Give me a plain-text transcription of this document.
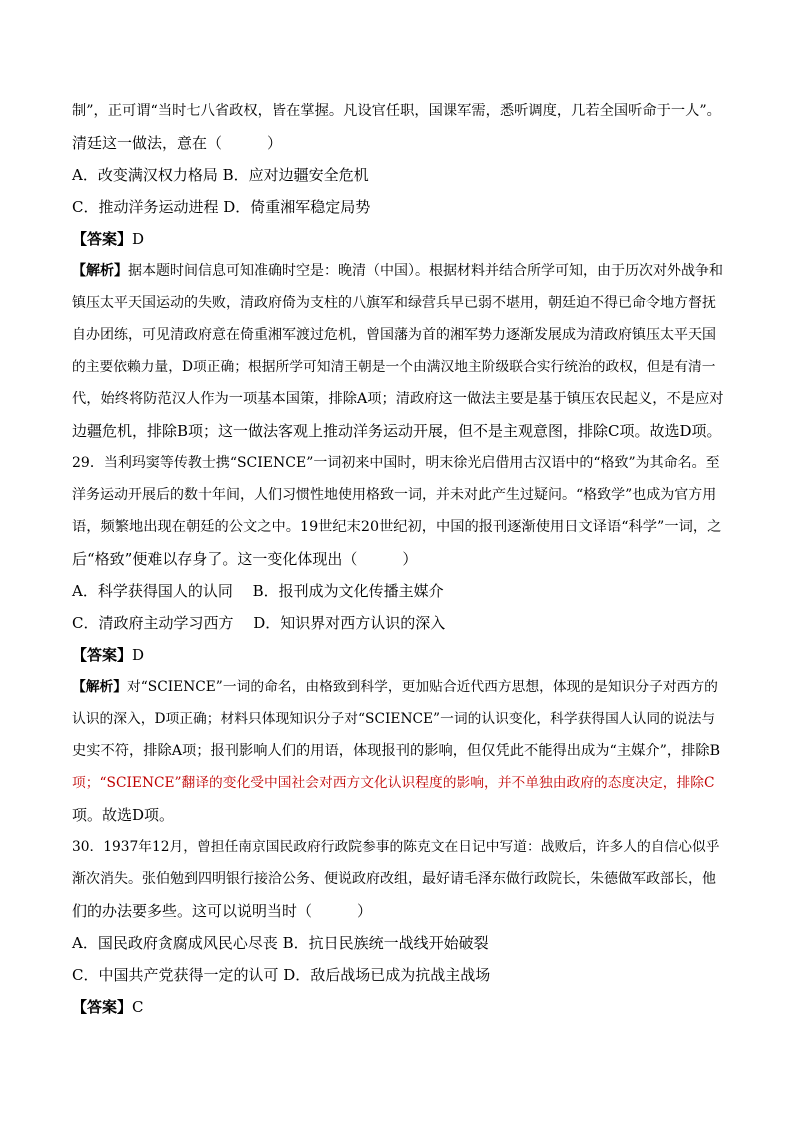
制”，正可谓“当时七八省政权，皆在掌握。凡设官任职，国课军需，悉听调度，几若全国听命于一人”。
清廷这一做法，意在（　　　）
A．改变满汉权力格局 B．应对边疆安全危机
C．推动洋务运动进程 D．倚重湘军稳定局势
【答案】D
【解析】据本题时间信息可知准确时空是：晚清（中国）。根据材料并结合所学可知，由于历次对外战争和
镇压太平天国运动的失败，清政府倚为支柱的八旗军和绿营兵早已弱不堪用，朝廷迫不得已命令地方督抚
自办团练，可见清政府意在倚重湘军渡过危机，曾国藩为首的湘军势力逐渐发展成为清政府镇压太平天国
的主要依赖力量，D项正确；根据所学可知清王朝是一个由满汉地主阶级联合实行统治的政权，但是有清一
代，始终将防范汉人作为一项基本国策，排除A项；清政府这一做法主要是基于镇压农民起义，不是应对
边疆危机，排除B项；这一做法客观上推动洋务运动开展，但不是主观意图，排除C项。故选D项。
29．当利玛窦等传教士携“SCIENCE”一词初来中国时，明末徐光启借用古汉语中的“格致”为其命名。至
洋务运动开展后的数十年间，人们习惯性地使用格致一词，并未对此产生过疑问。“格致学”也成为官方用
语，频繁地出现在朝廷的公文之中。19世纪末20世纪初，中国的报刊逐渐使用日文译语“科学”一词，之
后“格致”便难以存身了。这一变化体现出（　　　）
A．科学获得国人的认同　 B．报刊成为文化传播主媒介
C．清政府主动学习西方　 D．知识界对西方认识的深入
【答案】D
【解析】对“SCIENCE”一词的命名，由格致到科学，更加贴合近代西方思想，体现的是知识分子对西方的
认识的深入，D项正确；材料只体现知识分子对“SCIENCE”一词的认识变化，科学获得国人认同的说法与
史实不符，排除A项；报刊影响人们的用语，体现报刊的影响，但仅凭此不能得出成为“主媒介”，排除B
项；“SCIENCE”翻译的变化受中国社会对西方文化认识程度的影响，并不单独由政府的态度决定，排除C
项。故选D项。
30．1937年12月，曾担任南京国民政府行政院参事的陈克文在日记中写道：战败后，许多人的自信心似乎
渐次消失。张伯勉到四明银行接洽公务、便说政府改组，最好请毛泽东做行政院长，朱德做军政部长，他
们的办法要多些。这可以说明当时（　　　）
A．国民政府贪腐成风民心尽丧 B．抗日民族统一战线开始破裂
C．中国共产党获得一定的认可 D．敌后战场已成为抗战主战场
【答案】C
